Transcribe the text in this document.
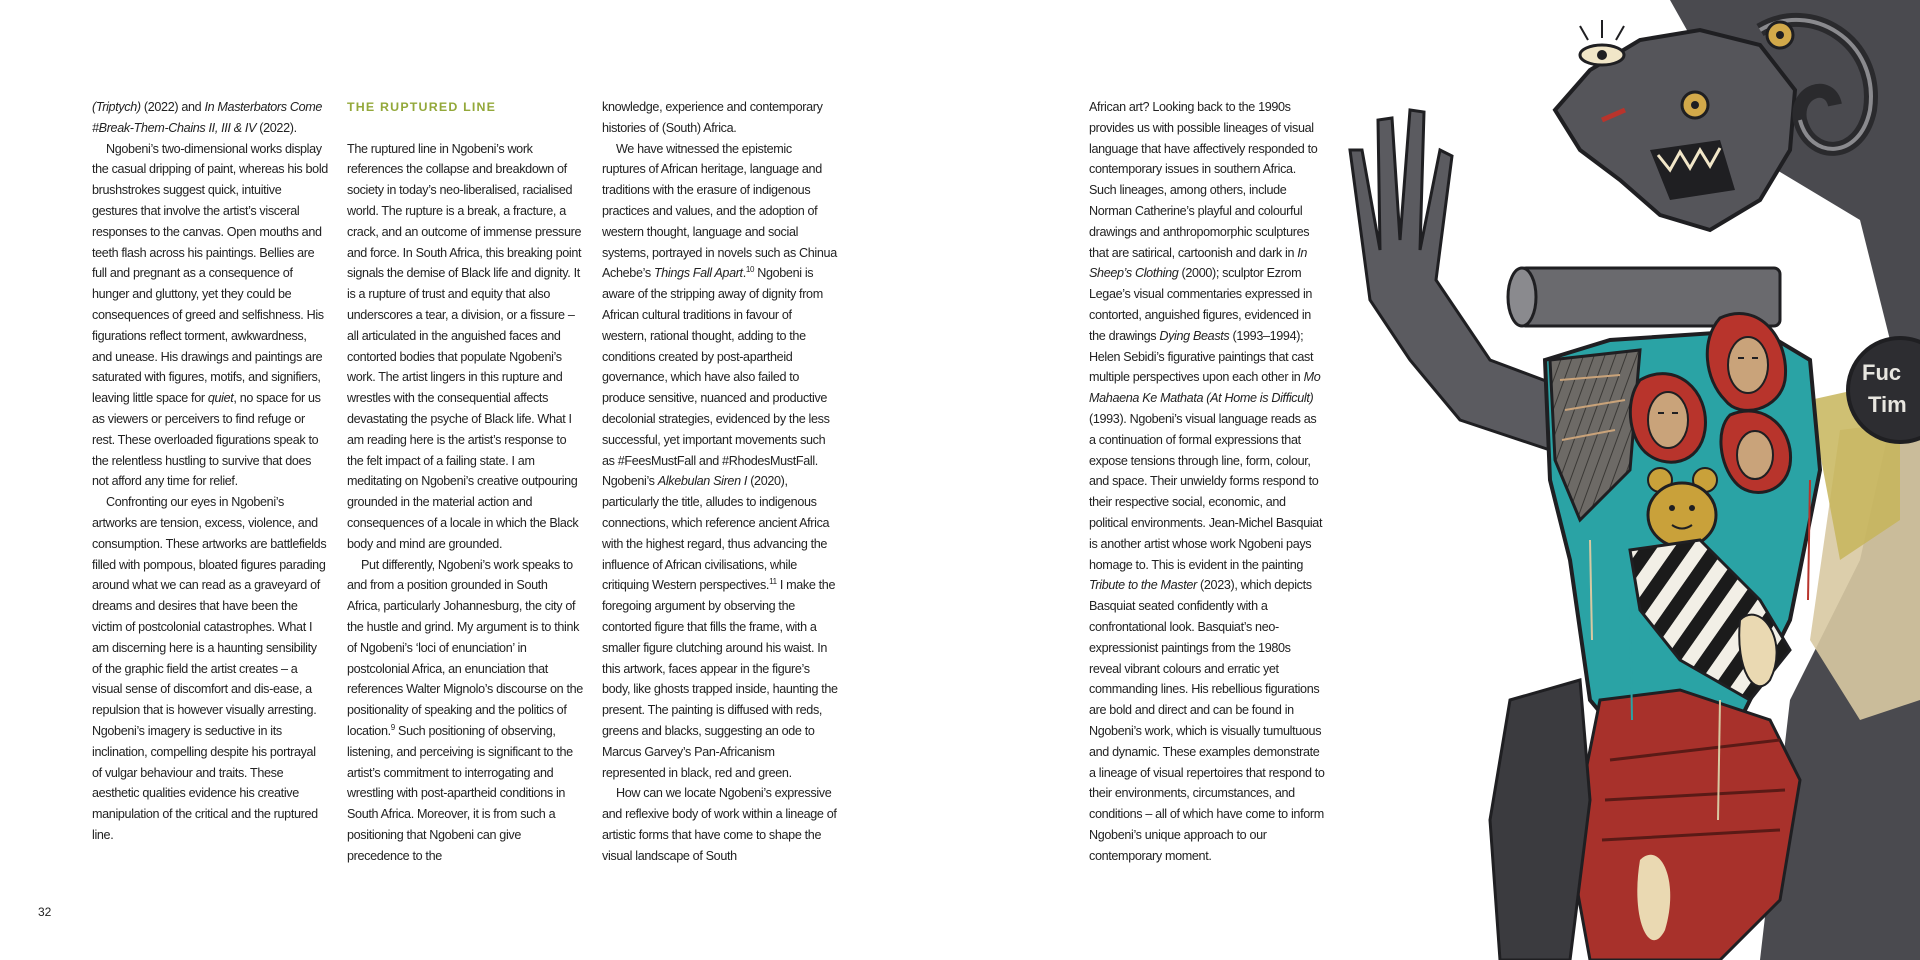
(Triptych) (2022) and In Masterbators Come #Break-Them-Chains II, III & IV (2022).

Ngobeni’s two-dimensional works display the casual dripping of paint, whereas his bold brushstrokes suggest quick, intuitive gestures that involve the artist’s visceral responses to the canvas. Open mouths and teeth flash across his paintings. Bellies are full and pregnant as a consequence of hunger and gluttony, yet they could be consequences of greed and selfishness. His figurations reflect torment, awkwardness, and unease. His drawings and paintings are saturated with figures, motifs, and signifiers, leaving little space for quiet, no space for us as viewers or perceivers to find refuge or rest. These overloaded figurations speak to the relentless hustling to survive that does not afford any time for relief.

Confronting our eyes in Ngobeni’s artworks are tension, excess, violence, and consumption. These artworks are battlefields filled with pompous, bloated figures parading around what we can read as a graveyard of dreams and desires that have been the victim of postcolonial catastrophes. What I am discerning here is a haunting sensibility of the graphic field the artist creates – a visual sense of discomfort and dis-ease, a repulsion that is however visually arresting. Ngobeni’s imagery is seductive in its inclination, compelling despite his portrayal of vulgar behaviour and traits. These aesthetic qualities evidence his creative manipulation of the critical and the ruptured line.

THE RUPTURED LINE

The ruptured line in Ngobeni’s work references the collapse and breakdown of society in today’s neo-liberalised, racialised world. The rupture is a break, a fracture, a crack, and an outcome of immense pressure and force. In South Africa, this breaking point signals the demise of Black life and dignity. It is a rupture of trust and equity that also underscores a tear, a division, or a fissure – all articulated in the anguished faces and contorted bodies that populate Ngobeni’s work. The artist lingers in this rupture and wrestles with the consequential affects devastating the psyche of Black life. What I am reading here is the artist’s response to the felt impact of a failing state. I am meditating on Ngobeni’s creative outpouring grounded in the material action and consequences of a locale in which the Black body and mind are grounded.

Put differently, Ngobeni’s work speaks to and from a position grounded in South Africa, particularly Johannesburg, the city of the hustle and grind. My argument is to think of Ngobeni’s ‘loci of enunciation’ in postcolonial Africa, an enunciation that references Walter Mignolo’s discourse on the positionality of speaking and the politics of location.$^9$ Such positioning of observing, listening, and perceiving is significant to the artist’s commitment to interrogating and wrestling with post-apartheid conditions in South Africa. Moreover, it is from such a positioning that Ngobeni can give precedence to the

knowledge, experience and contemporary histories of (South) Africa.

We have witnessed the epistemic ruptures of African heritage, language and traditions with the erasure of indigenous practices and values, and the adoption of western thought, language and social systems, portrayed in novels such as Chinua Achebe’s Things Fall Apart.$^{10}$ Ngobeni is aware of the stripping away of dignity from African cultural traditions in favour of western, rational thought, adding to the conditions created by post-apartheid governance, which have also failed to produce sensitive, nuanced and productive decolonial strategies, evidenced by the less successful, yet important movements such as #FeesMustFall and #RhodesMustFall. Ngobeni’s Alkebulan Siren I (2020), particularly the title, alludes to indigenous connections, which reference ancient Africa with the highest regard, thus advancing the influence of African civilisations, while critiquing Western perspectives.$^{11}$ I make the foregoing argument by observing the contorted figure that fills the frame, with a smaller figure clutching around his waist. In this artwork, faces appear in the figure’s body, like ghosts trapped inside, haunting the present. The painting is diffused with reds, greens and blacks, suggesting an ode to Marcus Garvey’s Pan-Africanism represented in black, red and green.

How can we locate Ngobeni’s expressive and reflexive body of work within a lineage of artistic forms that have come to shape the visual landscape of South

African art? Looking back to the 1990s provides us with possible lineages of visual language that have affectively responded to contemporary issues in southern Africa. Such lineages, among others, include Norman Catherine’s playful and colourful drawings and anthropomorphic sculptures that are satirical, cartoonish and dark in In Sheep’s Clothing (2000); sculptor Ezrom Legae’s visual commentaries expressed in contorted, anguished figures, evidenced in the drawings Dying Beasts (1993–1994); Helen Sebidi’s figurative paintings that cast multiple perspectives upon each other in Mo Mahaena Ke Mathata (At Home is Difficult) (1993). Ngobeni’s visual language reads as a continuation of formal expressions that expose tensions through line, form, colour, and space. Their unwieldy forms respond to their respective social, economic, and political environments. Jean-Michel Basquiat is another artist whose work Ngobeni pays homage to. This is evident in the painting Tribute to the Master (2023), which depicts Basquiat seated confidently with a confrontational look. Basquiat’s neo-expressionist paintings from the 1980s reveal vibrant colours and erratic yet commanding lines. His rebellious figurations are bold and direct and can be found in Ngobeni’s work, which is visually tumultuous and dynamic. These examples demonstrate a lineage of visual repertoires that respond to their environments, circumstances, and conditions – all of which have come to inform Ngobeni’s unique approach to our contemporary moment.

32
Fuc
Tim
